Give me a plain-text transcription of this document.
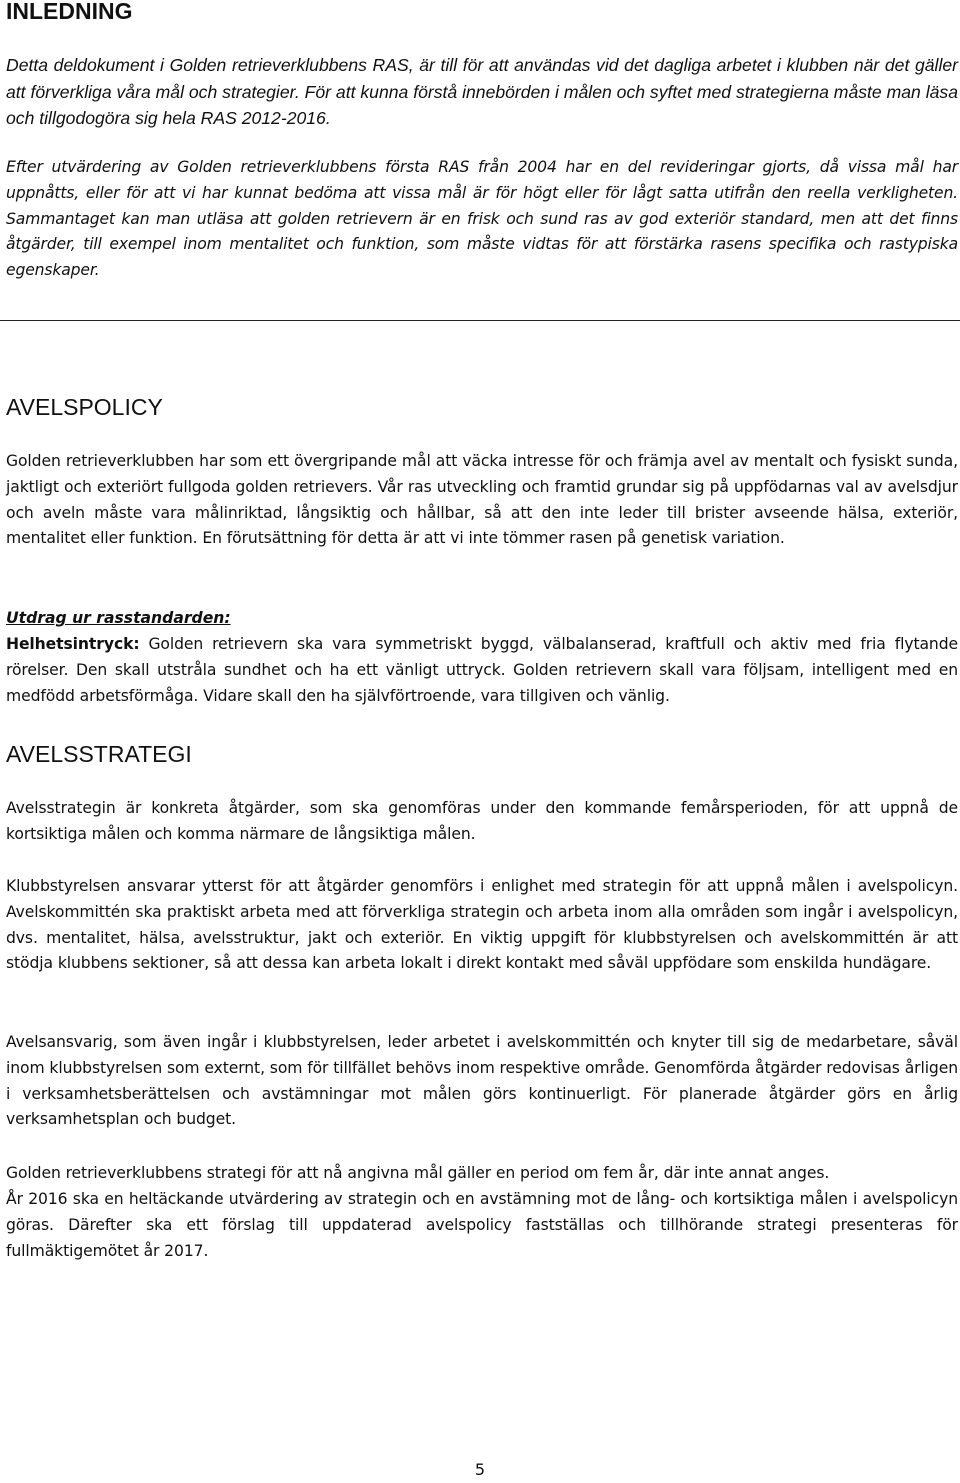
INLEDNING

Detta deldokument i Golden retrieverklubbens RAS, är till för att användas vid det dagliga arbetet i klubben när det gäller att förverkliga våra mål och strategier. För att kunna förstå innebörden i målen och syftet med strategierna måste man läsa och tillgodogöra sig hela RAS 2012-2016.

Efter utvärdering av Golden retrieverklubbens första RAS från 2004 har en del revideringar gjorts, då vissa mål har uppnåtts, eller för att vi har kunnat bedöma att vissa mål är för högt eller för lågt satta utifrån den reella verkligheten. Sammantaget kan man utläsa att golden retrievern är en frisk och sund ras av god exteriör standard, men att det finns åtgärder, till exempel inom mentalitet och funktion, som måste vidtas för att förstärka rasens specifika och rastypiska egenskaper.

AVELSPOLICY

Golden retrieverklubben har som ett övergripande mål att väcka intresse för och främja avel av mentalt och fysiskt sunda, jaktligt och exteriört fullgoda golden retrievers. Vår ras utveckling och framtid grundar sig på uppfödarnas val av avelsdjur och aveln måste vara målinriktad, långsiktig och hållbar, så att den inte leder till brister avseende hälsa, exteriör, mentalitet eller funktion. En förutsättning för detta är att vi inte tömmer rasen på genetisk variation.

Utdrag ur rasstandarden:

Helhetsintryck: Golden retrievern ska vara symmetriskt byggd, välbalanserad, kraftfull och aktiv med fria flytande rörelser. Den skall utstråla sundhet och ha ett vänligt uttryck. Golden retrievern skall vara följsam, intelligent med en medfödd arbetsförmåga. Vidare skall den ha självförtroende, vara tillgiven och vänlig.

AVELSSTRATEGI

Avelsstrategin är konkreta åtgärder, som ska genomföras under den kommande femårsperioden, för att uppnå de kortsiktiga målen och komma närmare de långsiktiga målen.

Klubbstyrelsen ansvarar ytterst för att åtgärder genomförs i enlighet med strategin för att uppnå målen i avelspolicyn. Avelskommittén ska praktiskt arbeta med att förverkliga strategin och arbeta inom alla områden som ingår i avelspolicyn, dvs. mentalitet, hälsa, avelsstruktur, jakt och exteriör. En viktig uppgift för klubbstyrelsen och avelskommittén är att stödja klubbens sektioner, så att dessa kan arbeta lokalt i direkt kontakt med såväl uppfödare som enskilda hundägare.

Avelsansvarig, som även ingår i klubbstyrelsen, leder arbetet i avelskommittén och knyter till sig de medarbetare, såväl inom klubbstyrelsen som externt, som för tillfället behövs inom respektive område. Genomförda åtgärder redovisas årligen i verksamhetsberättelsen och avstämningar mot målen görs kontinuerligt. För planerade åtgärder görs en årlig verksamhetsplan och budget.

Golden retrieverklubbens strategi för att nå angivna mål gäller en period om fem år, där inte annat anges.

År 2016 ska en heltäckande utvärdering av strategin och en avstämning mot de lång- och kortsiktiga målen i avelspolicyn göras. Därefter ska ett förslag till uppdaterad avelspolicy fastställas och tillhörande strategi presenteras för fullmäktigemötet år 2017.

5
